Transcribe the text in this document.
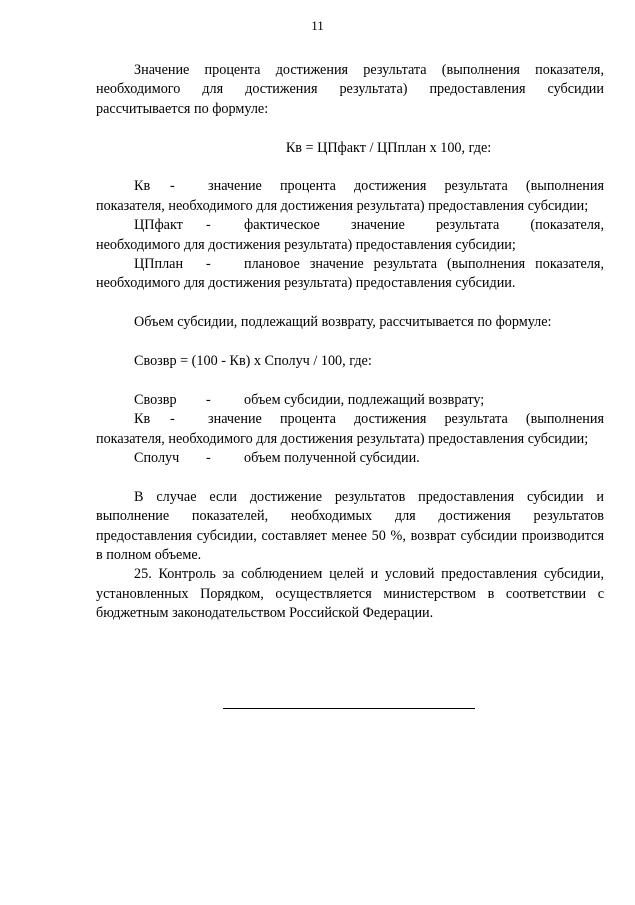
11
Значение процента достижения результата (выполнения показателя, необходимого для достижения результата) предоставления субсидии рассчитывается по формуле:
Кв = ЦПфакт / ЦПплан x 100, где:
Кв	-	значение процента достижения результата (выполнения
показателя, необходимого для достижения результата) предоставления субсидии;
ЦПфакт	-	фактическое значение результата (показателя,
необходимого для достижения результата) предоставления субсидии;
ЦПплан	-	плановое значение результата (выполнения показателя,
необходимого для достижения результата) предоставления субсидии.
Объем субсидии, подлежащий возврату, рассчитывается по формуле:
Свозвр = (100 - Кв) x Сполуч / 100, где:
Свозвр	-	объем субсидии, подлежащий возврату;
Кв	-	значение процента достижения результата (выполнения
показателя, необходимого для достижения результата) предоставления субсидии;
Сполуч	-	объем полученной субсидии.
В случае если достижение результатов предоставления субсидии и выполнение показателей, необходимых для достижения результатов предоставления субсидии, составляет менее 50 %, возврат субсидии производится в полном объеме.
25. Контроль за соблюдением целей и условий предоставления субсидии, установленных Порядком, осуществляется министерством в соответствии с бюджетным законодательством Российской Федерации.
